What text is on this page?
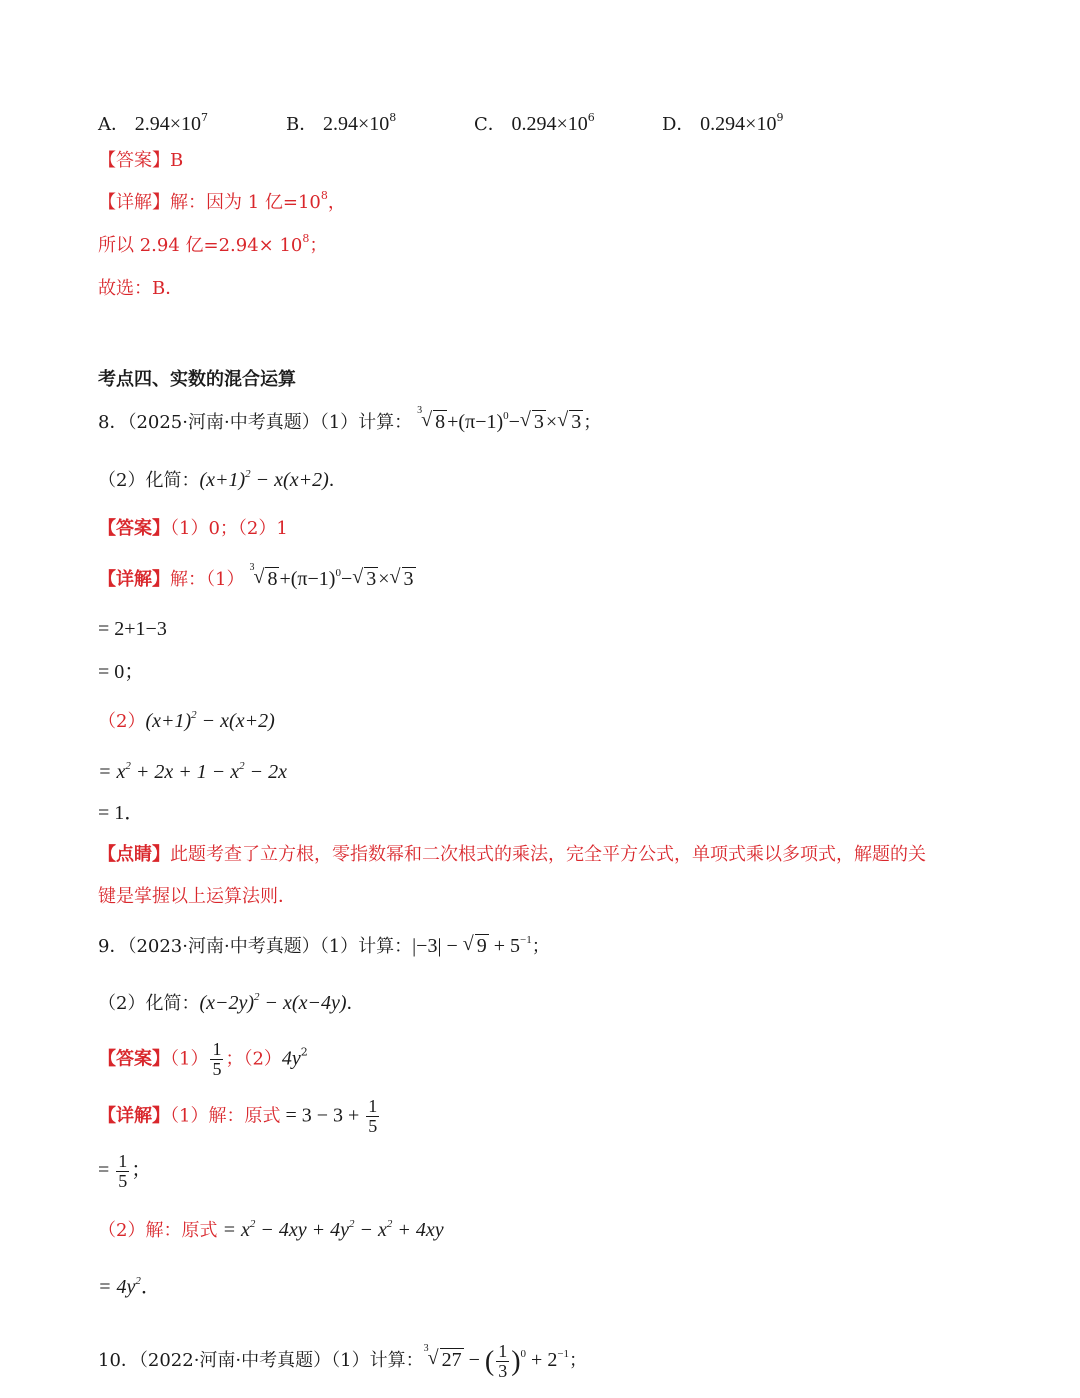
A． $2.94\times 10^7$	B． $2.94\times 10^8$	C． $0.294\times 10^6$	D． $0.294\times 10^9$
【答案】B
【详解】解：因为 1 亿$=10^8$，
所以 2.94 亿$=2.94\times 10^8$；
故选：B．
考点四、实数的混合运算
8．（2025·河南·中考真题）（1）计算：
3 √ $8 +(\pi-1)^0-$ √ 3 × √ 3 ；
（2）化简：$(x+1)^2 - x(x+2)$．
【答案】（1）0；（2）1
【详解】解：（1）
3 √ $8 +(\pi-1)^0-$ √ 3 × √ 3
= 2+1−3
= 0；
$(2)(x+1)^2 - x(x+2)$
= $x^2 + 2x + 1 - x^2 - 2x$
= 1．
【点睛】此题考查了立方根，零指数幂和二次根式的乘法，完全平方公式，单项式乘以多项式，解题的关
键是掌握以上运算法则．
9．（2023·河南·中考真题）（1）计算：|−3| − √ $9 + 5^{-1}$；
（2）化简：$(x-2y)^2 - x(x-4y)$．
【答案】$(1) \frac{1}{5}$ ；$(2)4y^2$
【详解】（1）解：原式 = $3 - 3 + \frac{1}{5}$
= $\frac{1}{5}$ ；
（2）解：原式 = $x^2 - 4xy + 4y^2 - x^2 + 4xy$
= $4y^2$．
10．（2022·河南·中考真题）（1）计算：
3 √ 27 − ( $\frac{1}{3} )^0 + 2^{-1}$；
